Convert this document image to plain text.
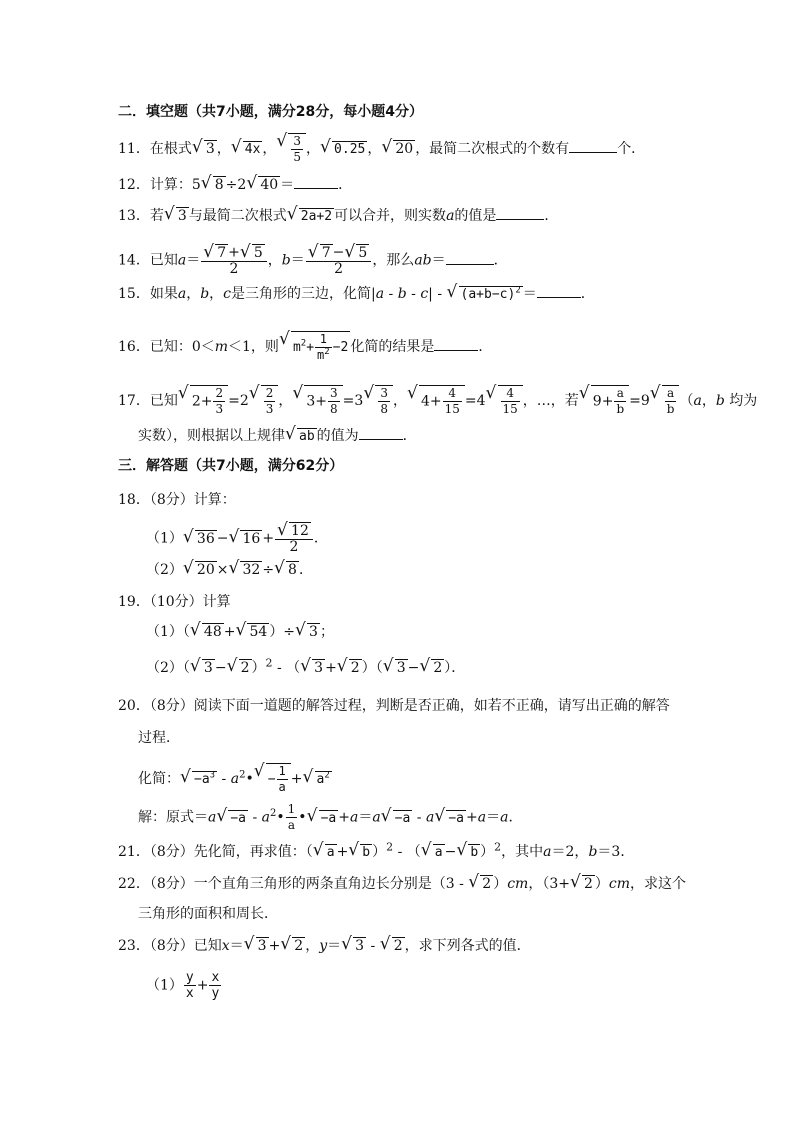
二．填空题（共7小题，满分28分，每小题4分）
11．在根式√ 3 ，√ 4x ，
√ $\frac{3}{5}$ ，√ 0.25 ，√ 20 ，最简二次根式的个数有	个．
12．计算：5√ 8 ÷2√ 40 ＝	．
13．若√ 3 与最简二次根式√ 2a+2 可以合并，则实数a的值是	．
14．已知a＝
√ $\frac{7 +√ 5}{2}$ ，b＝
√ $\frac{7 -√ 5}{2}$ ，那么ab＝	．
15．如果a，b，c是三角形的三边，化简|a - b - c| - √ $(a+b-c)^2$ ＝	．
16．已知：0＜m＜1，则√ $m^2+ \frac{1}{m^2} -2$ 化简的结果是	．
17．已知√ $2+ \frac{2}{3} =2$
√ $\frac{2}{3}$ ，√ $3+ \frac{3}{8} =3$
√ $\frac{3}{8}$ ，√ $4+ \frac{4}{15} =4$
√ $\frac{4}{15}$ ，…，若√ $9+ \frac{a}{b} =9$
√ $\frac{a}{b} (a$，b 均为
实数），则根据以上规律√ ab 的值为	．
三．解答题（共7小题，满分62分）
18．（8分）计算：
（1）√ 36 −√ 16 +
√ $\frac{12}{2}$ ．
（2）√ 20 ×√ 32 ÷√ 8 ．
19．（10分）计算
（1）（√ 48 +√ 54 ）÷√ 3 ；
（2）（√ 3 −√ 2 ）$^2$ - （√ 3 +√ 2 ）（√ 3 −√ 2 ）．
20．（8分）阅读下面一道题的解答过程，判断是否正确，如若不正确，请写出正确的解答
过程．
化简：√ $-a^3$ - $a^2•√ - \frac{1}{a}$ +√ $a^2$
解：原式$=a√ -a - a^2• \frac{1}{a}$ •√ −a +a＝a√ −a - a√ −a +a＝a．
21．（8分）先化简，再求值：（√ a +√ b ）$^2$ - （√ a −√ b ）$^2$，其中a＝2，b＝3．
22．（8分）一个直角三角形的两条直角边长分别是（3 - √ 2 ）cm，（3+√ 2 ）cm，求这个
三角形的面积和周长．
23．（8分）已知x＝√ 3 +√ 2 ，y＝√ 3 - √ 2 ，求下列各式的值．
$(1) \frac{y}{x} + \frac{x}{y}$
